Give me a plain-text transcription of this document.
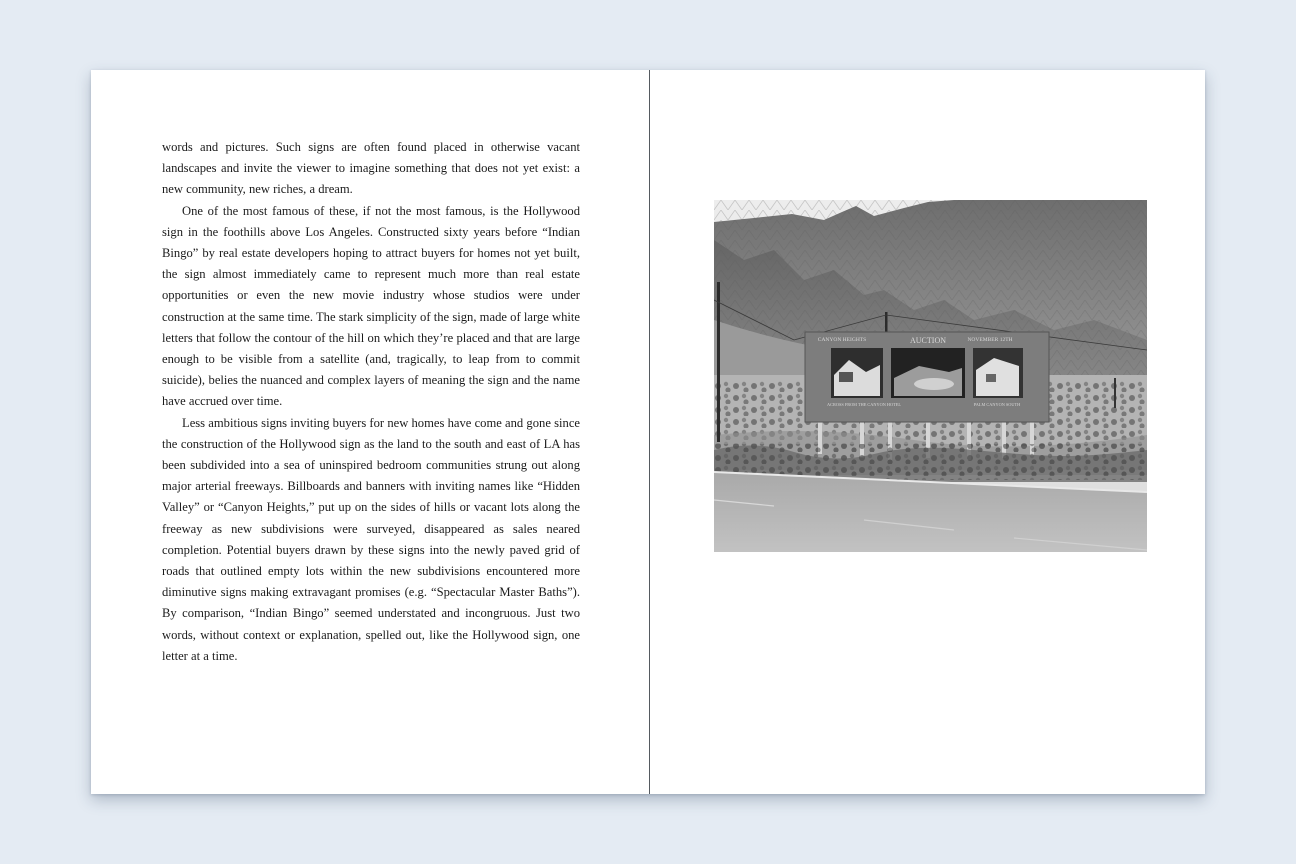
words and pictures. Such signs are often found placed in otherwise vacant landscapes and invite the viewer to imagine something that does not yet exist: a new community, new riches, a dream.

One of the most famous of these, if not the most famous, is the Hollywood sign in the foothills above Los Angeles. Constructed sixty years before “Indian Bingo” by real estate developers hoping to attract buyers for homes not yet built, the sign almost immediately came to represent much more than real estate opportunities or even the new movie industry whose studios were under construction at the same time. The stark simplicity of the sign, made of large white letters that follow the contour of the hill on which they’re placed and that are large enough to be visible from a satellite (and, tragically, to leap from to commit suicide), belies the nuanced and complex layers of meaning the sign and the name have accrued over time.

Less ambitious signs inviting buyers for new homes have come and gone since the construction of the Hollywood sign as the land to the south and east of LA has been subdivided into a sea of uninspired bedroom communities strung out along major arterial freeways. Billboards and banners with inviting names like “Hidden Valley” or “Canyon Heights,” put up on the sides of hills or vacant lots along the freeway as new subdivisions were surveyed, disappeared as sales neared completion. Potential buyers drawn by these signs into the newly paved grid of roads that outlined empty lots within the new subdivisions encountered more diminutive signs making extravagant promises (e.g. “Spectacular Master Baths”). By comparison, “Indian Bingo” seemed understated and incongruous. Just two words, without context or explanation, spelled out, like the Hollywood sign, one letter at a time.

CANYON HEIGHTS	AUCTION	NOVEMBER 12TH
ACROSS FROM THE CANYON HOTEL	PALM CANYON SOUTH
